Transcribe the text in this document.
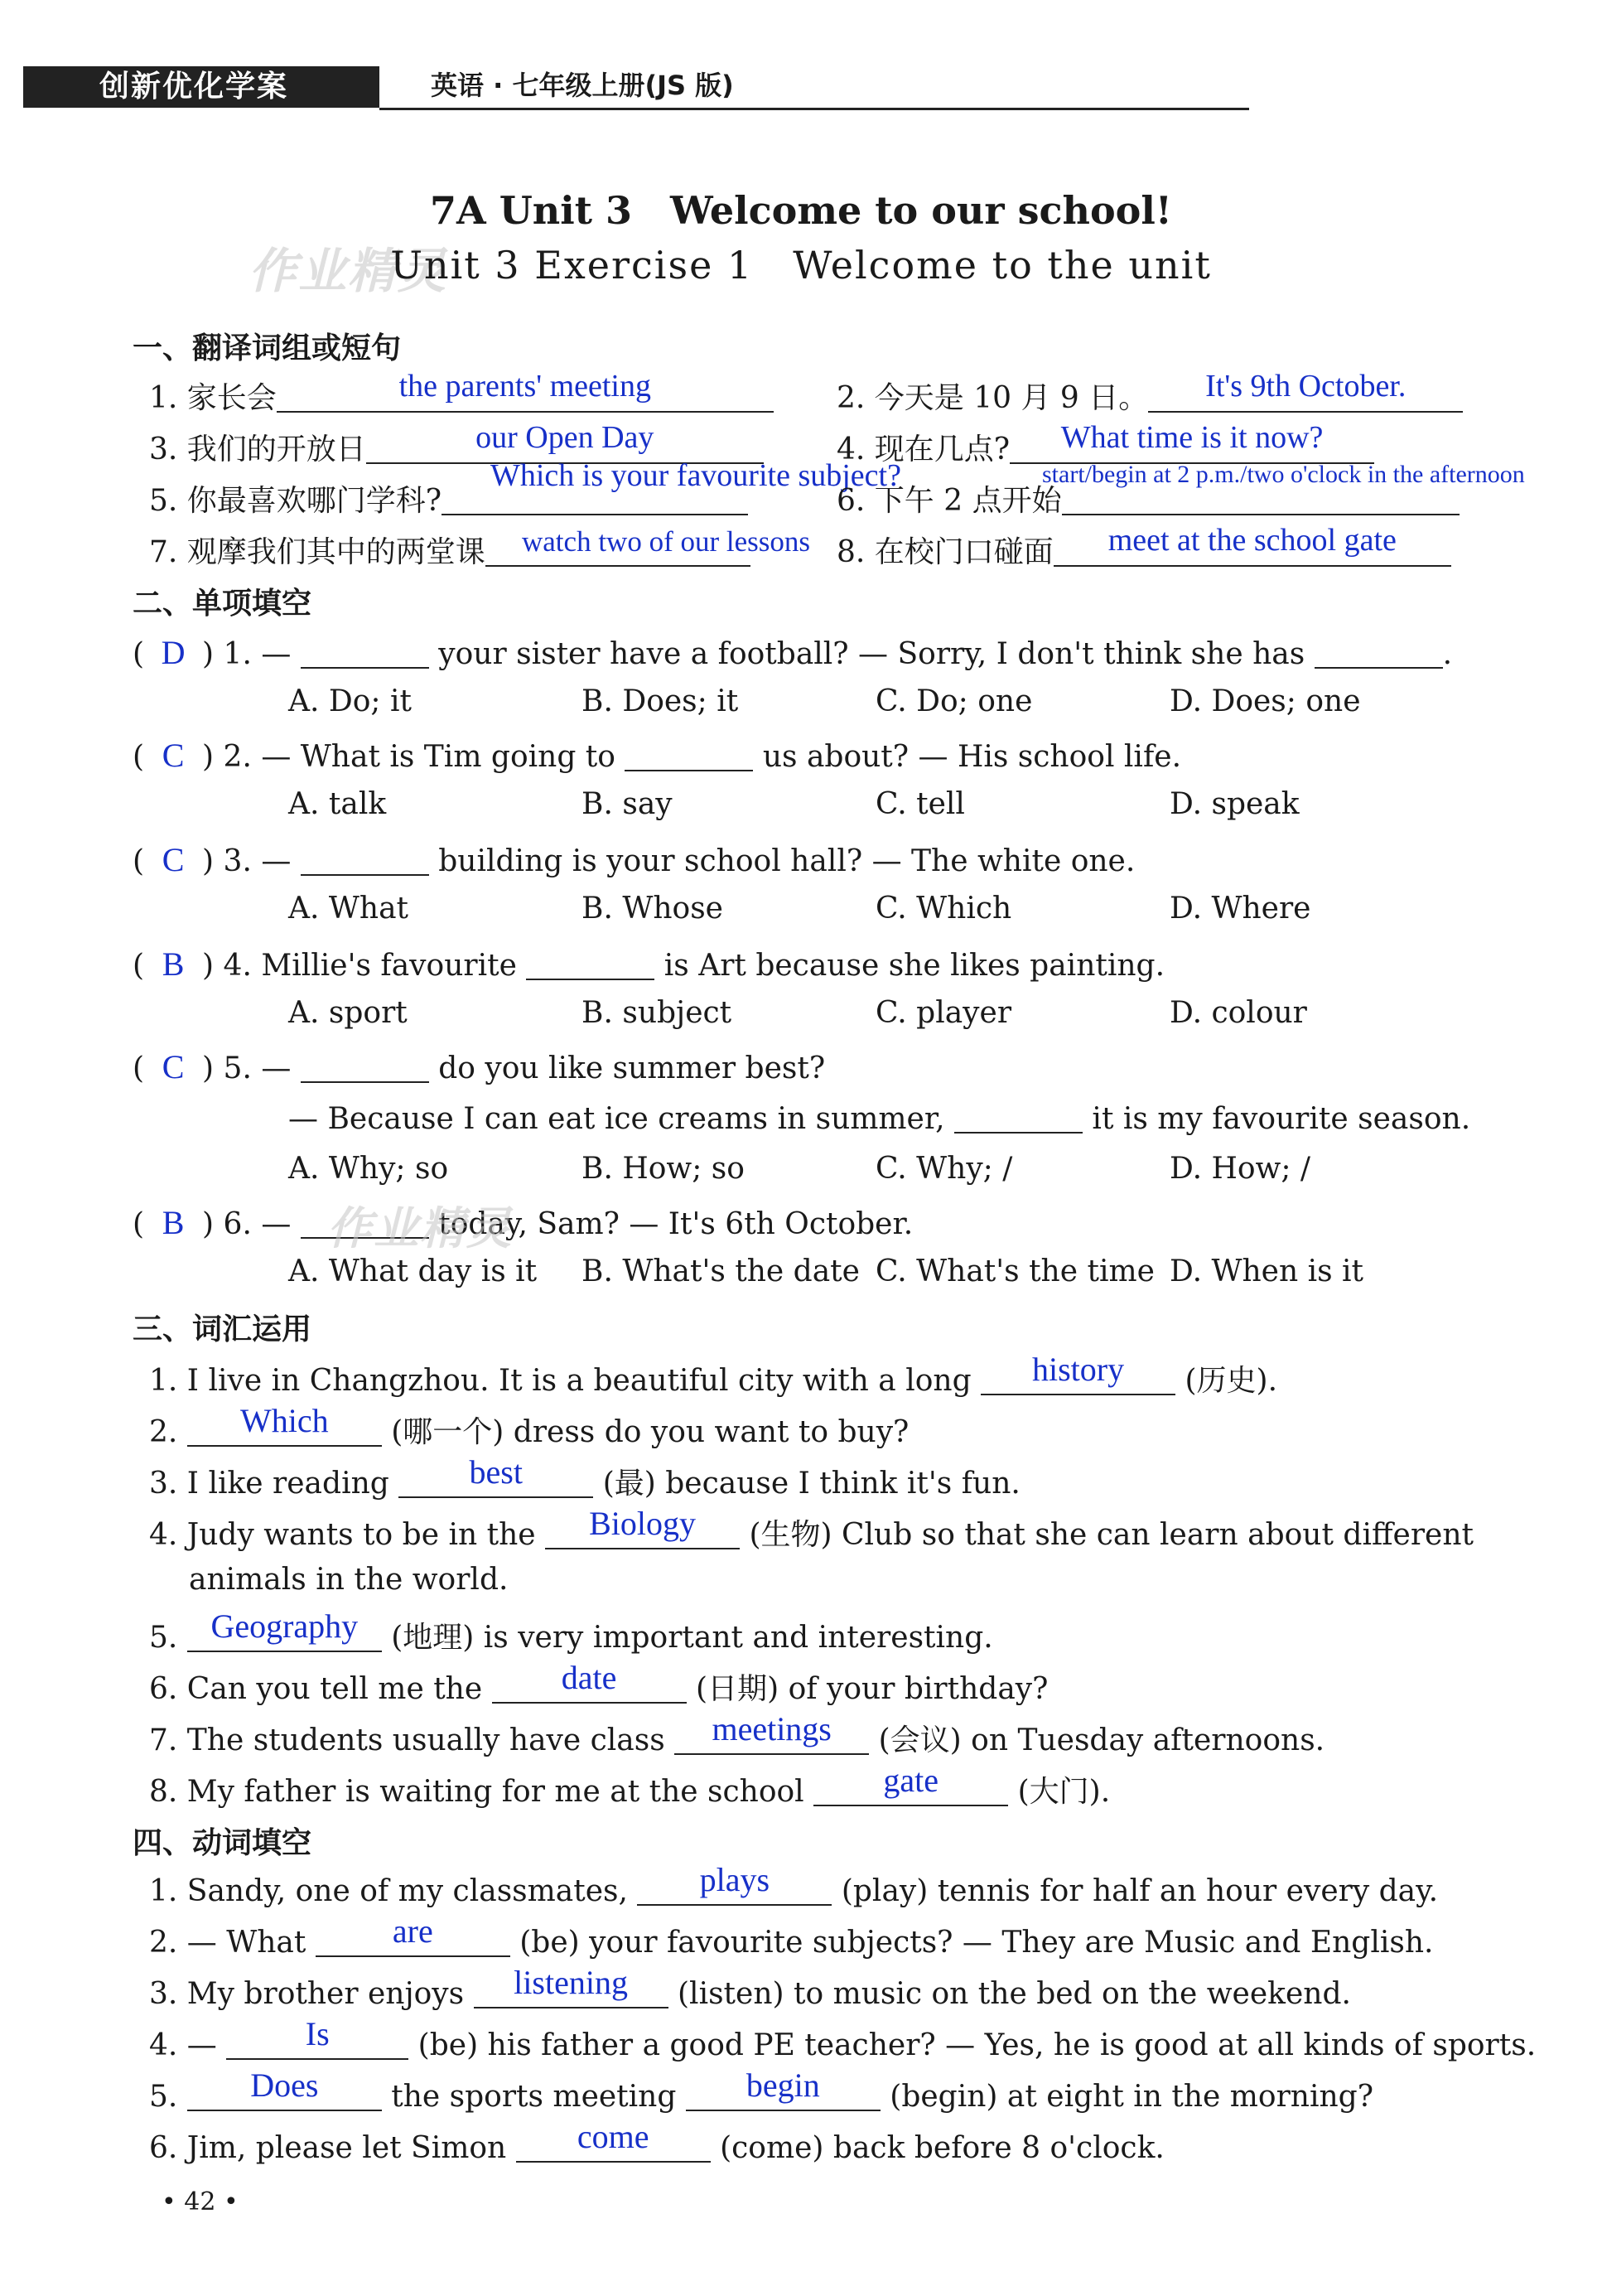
创新优化学案	英语 · 七年级上册(JS 版)
7A Unit 3　Welcome to our school!
作业精灵
Unit 3 Exercise 1　Welcome to the unit
一、翻译词组或短句
1. 家长会	the parents' meeting	2. 今天是 10 月 9 日。	It's 9th October.
3. 我们的开放日	our Open Day	4. 现在几点?	What time is it now?
5. 你最喜欢哪门学科?
Which is your favourite subject?
6. 下午 2 点开始
start/begin at 2 p.m./two o'clock in the afternoon
7. 观摩我们其中的两堂课	watch two of our lessons 8. 在校门口碰面	meet at the school gate
二、单项填空
( D ) 1. —	your sister have a football? — Sorry, I don't think she has	.
A. Do; it	B. Does; it	C. Do; one	D. Does; one
( C ) 2. — What is Tim going to	us about? — His school life.
A. talk	B. say	C. tell	D. speak
( C ) 3. —	building is your school hall? — The white one.
A. What	B. Whose	C. Which	D. Where
( B ) 4. Millie's favourite	is Art because she likes painting.
A. sport	B. subject	C. player	D. colour
( C ) 5. —	do you like summer best?
— Because I can eat ice creams in summer,	it is my favourite season.
A. Why; so	B. How; so	C. Why; /	D. How; /
( B ) 6. —	today, Sam? — It's 6th October.
作业精灵
A. What day is it B. What's the date C. What's the time D. When is it
三、词汇运用
1. I live in Changzhou. It is a beautiful city with a long	history	(历史).
2.	Which	(哪一个) dress do you want to buy?
3. I like reading	best	(最) because I think it's fun.
4. Judy wants to be in the	Biology	(生物) Club so that she can learn about different
animals in the world.
5. Geography (地理) is very important and interesting.
6. Can you tell me the	date	(日期) of your birthday?
7. The students usually have class	meetings	(会议) on Tuesday afternoons.
8. My father is waiting for me at the school	gate	(大门).
四、动词填空
1. Sandy, one of my classmates,	plays	(play) tennis for half an hour every day.
2. — What	are	(be) your favourite subjects? — They are Music and English.
3. My brother enjoys	listening	(listen) to music on the bed on the weekend.
4. —	Is	(be) his father a good PE teacher? — Yes, he is good at all kinds of sports.
5.	Does	the sports meeting	begin	(begin) at eight in the morning?
6. Jim, please let Simon	come	(come) back before 8 o'clock.
• 42 •
